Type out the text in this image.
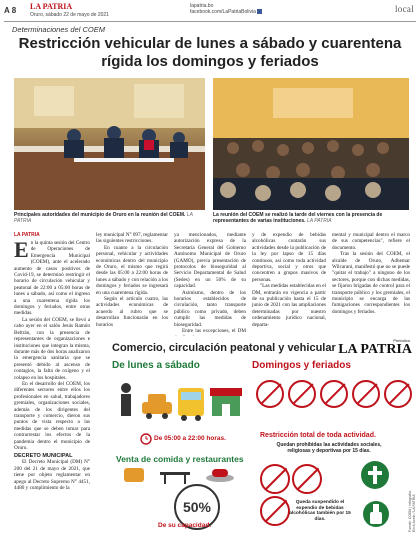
A 8 LA PATRIA
Oruro, sábado 22 de mayo de 2021
lapatria.bo
facebook.com/LaPatriaBolivia	local
Determinaciones del COEM
Restricción vehicular de lunes a sábado y cuarentena rígida los domingos y feriados
Principales autoridades del municipio de Oruro en la reunión del COEM. LA PATRIA
La reunión del COEM se realizó la tarde del viernes con la presencia de representantes de varias instituciones. LA PATRIA
LA PATRIA

En la quinta sesión del Centro de Operaciones de Emergencia Municipal (COEM), ante el acelerado aumento de casos positivos de Covid-19, se determinó restringir el horario de circulación vehicular y peatonal de 22:00 a 05:00 horas de lunes a sábado, así como el ingreso a una cuarentena rígida los domingos y feriados, entre otras medidas.

La sesión del COEM, se llevó a cabo ayer en el salón Jesús Ramón Beltrán, con la presencia de representantes de organizaciones e instituciones que integran la misma, durante más de dos horas analizaron la emergencia sanitaria que se presentó debido al ascenso de contagios, la falta de oxígeno y el colapso en los hospitales.

En el desarrollo del COEM, los diferentes sectores entre ellos los profesionales en salud, trabajadores gremiales, organizaciones sociales, además de los dirigentes del transporte y comercio, dieron sus puntos de vista respecto a las medidas que se deben tomar para contrarrestar los efectos de la pandemia dentro el municipio de Oruro.

DECRETO MUNICIPAL

El Decreto Municipal (DM) N° 200 del 21 de mayo de 2021, que tiene por objeto reglamentar en apego al Decreto Supremo N° 4451, 4480 y cumplimiento de la

ley municipal N° 097, reglamentar las siguientes restricciones.

En cuanto a la circulación personal, vehicular y actividades económicas dentro del municipio de Oruro, el mismo que regirá desde las 05:00 a 22:00 horas de lunes a sábado y con relación a los domingos y feriados se ingresará en una cuarentena rígida.

Según el artículo cuatro, las actividades económicas de acuerdo al rubro que se desarrollan funcionarán en los horarios

ya mencionados, mediante autorización expresa de la Secretaría General del Gobierno Autónomo Municipal de Oruro (GAMO), previa presentación de protocolos de bioseguridad al Servicio Departamental de Salud (Sedes) en un 50% de su capacidad.

Asimismo, dentro de los horarios establecidos de circulación, tanto transporte público como privado, deben cumplir las medidas de bioseguridad.

Entre las excepciones, el DM

y de expendio de bebidas alcohólicas contarán sus actividades desde la publicación de la ley por lapso de 15 días continuos, así como toda actividad deportiva, social y otros que concentren a grupos masivos de personas.

"Las medidas establecidas en el DM, entrarán en vigencia a partir de su publicación hasta el 15 de junio de 2021 con las ampliaciones determinadas por nuestro ordenamiento jurídico nacional, departa-

mental y municipal dentro el marco de sus competencias", refiere el documento.

Tras la sesión del COEM, el alcalde de Oruro, Adhemar Wilcarani, manifestó que no se puede "quitar el trabajo" a ninguno de los sectores, porque con dichas medidas, se fijaron brigadas de control para el transporte público y los gremiales, el municipio se encarga de las fumigaciones correspondientes los domingos y feriados.

Comercio, circulación peatonal y vehicular
Periódico
LA PATRIA
De lunes a sábado	Domingos y feriados
De 05:00 a 22:00 horas.	Restricción total de toda actividad.
Quedan prohibidas las actividades sociales, religiosas y deportivas por 15 días.
Venta de comida y restaurantes
50%
De su capacidad.
Queda suspendido el expendio de bebidas alcohólicas también por 15 días.	Fuente: COEM | Infografía: Erick Aceto / LA PATRIA
